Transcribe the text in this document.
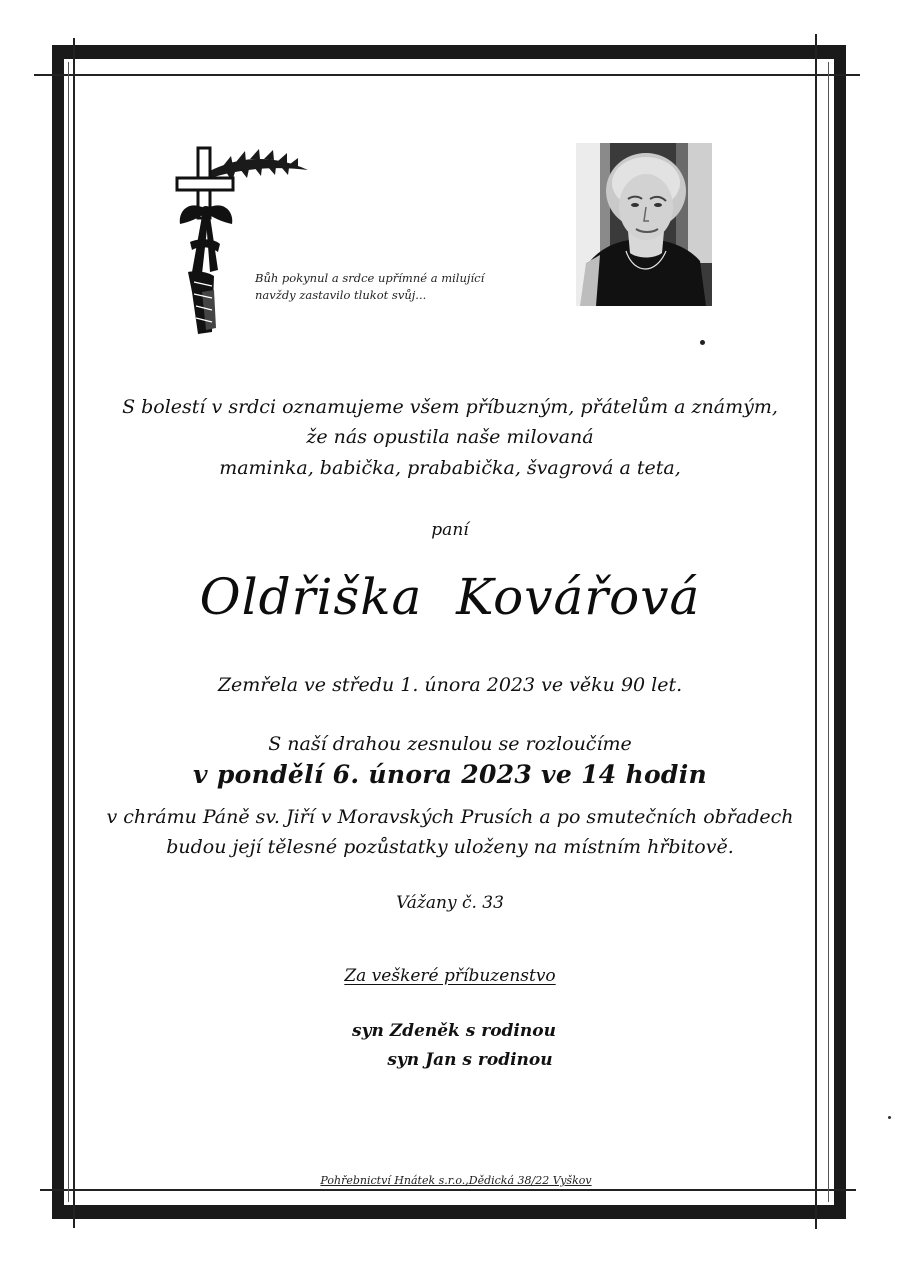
Bůh pokynul a srdce upřímné a milující
navždy zastavilo tlukot svůj...
S bolestí v srdci oznamujeme všem příbuzným, přátelům a známým,
že nás opustila naše milovaná
maminka, babička, prababička, švagrová a teta,
paní
Oldřiška  Kovářová
Zemřela ve středu 1. února 2023 ve věku 90 let.
S naší drahou zesnulou se rozloučíme
v pondělí 6. února 2023 ve 14 hodin
v chrámu Páně sv. Jiří v Moravských Prusích a po smutečních obřadech
budou její tělesné pozůstatky uloženy na místním hřbitově.
Vážany č. 33
Za veškeré příbuzenstvo
syn Zdeněk s rodinou
syn Jan s rodinou
Pohřebnictví Hnátek s.r.o.,Dědická 38/22 Vyškov
